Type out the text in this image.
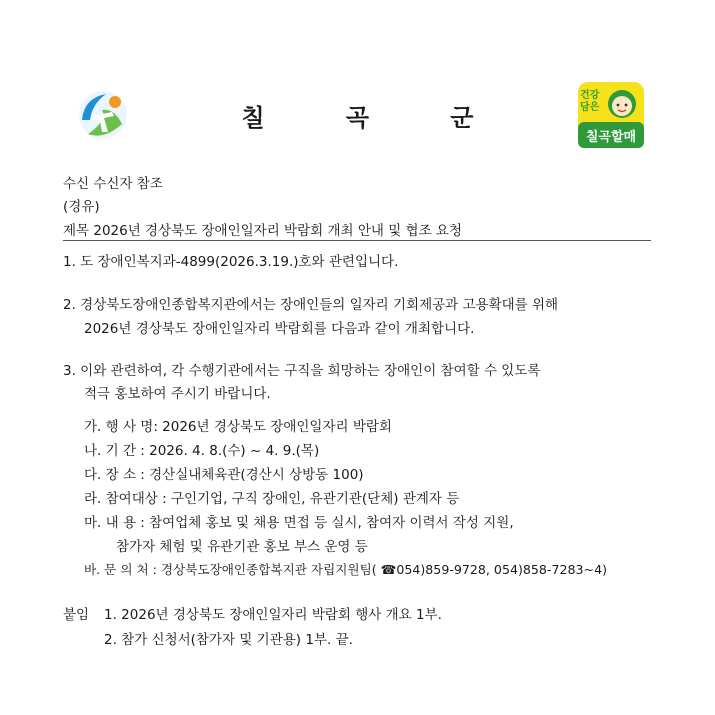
칠	곡	군
건강
담은
칠곡할매
수신 수신자 참조
(경유)
제목 2026년 경상북도 장애인일자리 박람회 개최 안내 및 협조 요청
1. 도 장애인복지과-4899(2026.3.19.)호와 관련입니다.
2. 경상북도장애인종합복지관에서는 장애인들의 일자리 기회제공과 고용확대를 위해
2026년 경상북도 장애인일자리 박람회를 다음과 같이 개최합니다.
3. 이와 관련하여, 각 수행기관에서는 구직을 희망하는 장애인이 참여할 수 있도록
적극 홍보하여 주시기 바랍니다.
가. 행 사 명: 2026년 경상북도 장애인일자리 박람회
나. 기 간 : 2026. 4. 8.(수) ~ 4. 9.(목)
다. 장 소 : 경산실내체육관(경산시 상방동 100)
라. 참여대상 : 구인기업, 구직 장애인, 유관기관(단체) 관계자 등
마. 내 용 : 참여업체 홍보 및 채용 면접 등 실시, 참여자 이력서 작성 지원,
참가자 체험 및 유관기관 홍보 부스 운영 등
바. 문 의 처 : 경상북도장애인종합복지관 자립지원팀( ☎054)859-9728, 054)858-7283~4)
붙임 1. 2026년 경상북도 장애인일자리 박람회 행사 개요 1부.
2. 참가 신청서(참가자 및 기관용) 1부. 끝.
